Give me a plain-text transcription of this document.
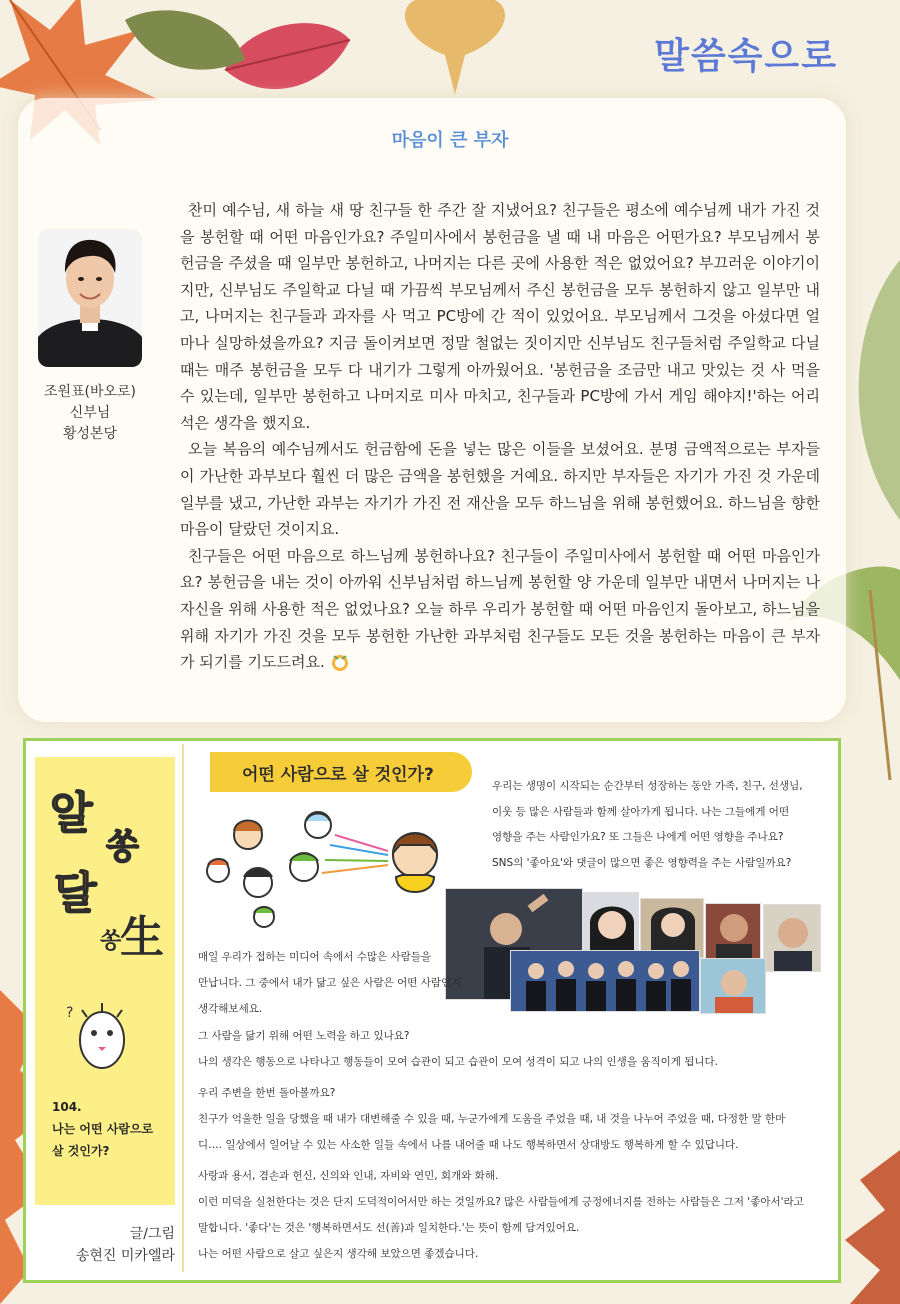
말씀속으로
마음이 큰 부자
조원표(바오로)
신부님
황성본당

찬미 예수님, 새 하늘 새 땅 친구들 한 주간 잘 지냈어요? 친구들은 평소에 예수님께 내가 가진 것을 봉헌할 때 어떤 마음인가요? 주일미사에서 봉헌금을 낼 때 내 마음은 어떤가요? 부모님께서 봉헌금을 주셨을 때 일부만 봉헌하고, 나머지는 다른 곳에 사용한 적은 없었어요? 부끄러운 이야기이지만, 신부님도 주일학교 다닐 때 가끔씩 부모님께서 주신 봉헌금을 모두 봉헌하지 않고 일부만 내고, 나머지는 친구들과 과자를 사 먹고 PC방에 간 적이 있었어요. 부모님께서 그것을 아셨다면 얼마나 실망하셨을까요? 지금 돌이켜보면 정말 철없는 짓이지만 신부님도 친구들처럼 주일학교 다닐 때는 매주 봉헌금을 모두 다 내기가 그렇게 아까웠어요. '봉헌금을 조금만 내고 맛있는 것 사 먹을 수 있는데, 일부만 봉헌하고 나머지로 미사 마치고, 친구들과 PC방에 가서 게임 해야지!'하는 어리석은 생각을 했지요.

오늘 복음의 예수님께서도 헌금함에 돈을 넣는 많은 이들을 보셨어요. 분명 금액적으로는 부자들이 가난한 과부보다 훨씬 더 많은 금액을 봉헌했을 거예요. 하지만 부자들은 자기가 가진 것 가운데 일부를 냈고, 가난한 과부는 자기가 가진 전 재산을 모두 하느님을 위해 봉헌했어요. 하느님을 향한 마음이 달랐던 것이지요.

친구들은 어떤 마음으로 하느님께 봉헌하나요? 친구들이 주일미사에서 봉헌할 때 어떤 마음인가요? 봉헌금을 내는 것이 아까워 신부님처럼 하느님께 봉헌할 양 가운데 일부만 내면서 나머지는 나 자신을 위해 사용한 적은 없었나요? 오늘 하루 우리가 봉헌할 때 어떤 마음인지 돌아보고, 하느님을 위해 자기가 가진 것을 모두 봉헌한 가난한 과부처럼 친구들도 모든 것을 봉헌하는 마음이 큰 부자가 되기를 기도드려요.

알
쏭
달
쏭
生
?
104.
나는 어떤 사람으로
살 것인가?
글/그림
송현진 미카엘라
어떤 사람으로 살 것인가?
우리는 생명이 시작되는 순간부터 성장하는 동안 가족, 친구, 선생님,
이웃 등 많은 사람들과 함께 살아가게 됩니다. 나는 그들에게 어떤
영향을 주는 사람인가요? 또 그들은 나에게 어떤 영향을 주나요?
SNS의 '좋아요'와 댓글이 많으면 좋은 영향력을 주는 사람일까요?
매일 우리가 접하는 미디어 속에서 수많은 사람들을
만납니다. 그 중에서 내가 닮고 싶은 사람은 어떤 사람인지
생각해보세요.
그 사람을 닮기 위해 어떤 노력을 하고 있나요?
나의 생각은 행동으로 나타나고 행동들이 모여 습관이 되고 습관이 모여 성격이 되고 나의 인생을 움직이게 됩니다.
우리 주변을 한번 돌아볼까요?
친구가 억울한 일을 당했을 때 내가 대변해줄 수 있을 때, 누군가에게 도움을 주었을 때, 내 것을 나누어 주었을 때, 다정한 말 한마
디…. 일상에서 일어날 수 있는 사소한 일들 속에서 나를 내어줄 때 나도 행복하면서 상대방도 행복하게 할 수 있답니다.
사랑과 용서, 겸손과 헌신, 신의와 인내, 자비와 연민, 회개와 화해.
이런 미덕을 실천한다는 것은 단지 도덕적이어서만 하는 것일까요? 많은 사람들에게 긍정에너지를 전하는 사람들은 그저 '좋아서'라고
말합니다. '좋다'는 것은 '행복하면서도 선(善)과 일치한다.'는 뜻이 함께 담겨있어요.
나는 어떤 사람으로 살고 싶은지 생각해 보았으면 좋겠습니다.
